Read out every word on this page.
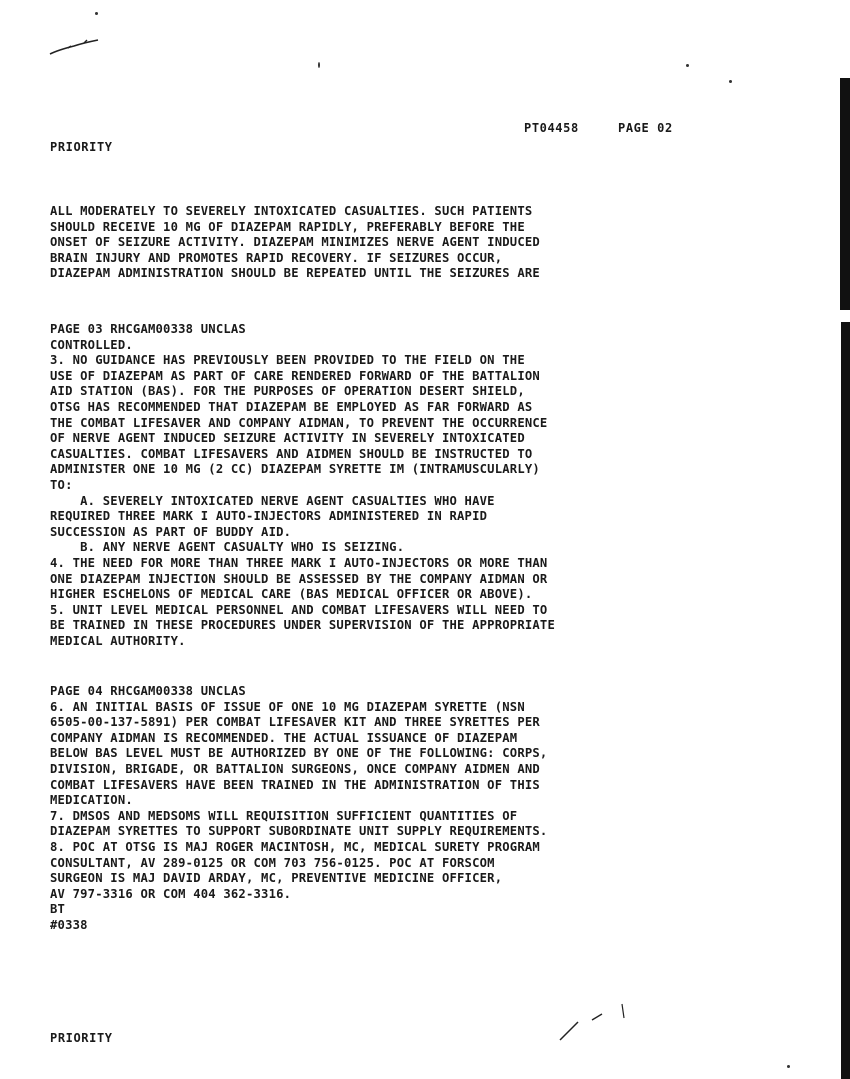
PT04458	PAGE 02
PRIORITY
ALL MODERATELY TO SEVERELY INTOXICATED CASUALTIES. SUCH PATIENTS
SHOULD RECEIVE 10 MG OF DIAZEPAM RAPIDLY, PREFERABLY BEFORE THE
ONSET OF SEIZURE ACTIVITY. DIAZEPAM MINIMIZES NERVE AGENT INDUCED
BRAIN INJURY AND PROMOTES RAPID RECOVERY. IF SEIZURES OCCUR,
DIAZEPAM ADMINISTRATION SHOULD BE REPEATED UNTIL THE SEIZURES ARE
PAGE 03 RHCGAM00338 UNCLAS
CONTROLLED.
3. NO GUIDANCE HAS PREVIOUSLY BEEN PROVIDED TO THE FIELD ON THE
USE OF DIAZEPAM AS PART OF CARE RENDERED FORWARD OF THE BATTALION
AID STATION (BAS). FOR THE PURPOSES OF OPERATION DESERT SHIELD,
OTSG HAS RECOMMENDED THAT DIAZEPAM BE EMPLOYED AS FAR FORWARD AS
THE COMBAT LIFESAVER AND COMPANY AIDMAN, TO PREVENT THE OCCURRENCE
OF NERVE AGENT INDUCED SEIZURE ACTIVITY IN SEVERELY INTOXICATED
CASUALTIES. COMBAT LIFESAVERS AND AIDMEN SHOULD BE INSTRUCTED TO
ADMINISTER ONE 10 MG (2 CC) DIAZEPAM SYRETTE IM (INTRAMUSCULARLY)
TO:
A. SEVERELY INTOXICATED NERVE AGENT CASUALTIES WHO HAVE
REQUIRED THREE MARK I AUTO-INJECTORS ADMINISTERED IN RAPID
SUCCESSION AS PART OF BUDDY AID.
B. ANY NERVE AGENT CASUALTY WHO IS SEIZING.
4. THE NEED FOR MORE THAN THREE MARK I AUTO-INJECTORS OR MORE THAN
ONE DIAZEPAM INJECTION SHOULD BE ASSESSED BY THE COMPANY AIDMAN OR
HIGHER ESCHELONS OF MEDICAL CARE (BAS MEDICAL OFFICER OR ABOVE).
5. UNIT LEVEL MEDICAL PERSONNEL AND COMBAT LIFESAVERS WILL NEED TO
BE TRAINED IN THESE PROCEDURES UNDER SUPERVISION OF THE APPROPRIATE
MEDICAL AUTHORITY.
PAGE 04 RHCGAM00338 UNCLAS
6. AN INITIAL BASIS OF ISSUE OF ONE 10 MG DIAZEPAM SYRETTE (NSN
6505-00-137-5891) PER COMBAT LIFESAVER KIT AND THREE SYRETTES PER
COMPANY AIDMAN IS RECOMMENDED. THE ACTUAL ISSUANCE OF DIAZEPAM
BELOW BAS LEVEL MUST BE AUTHORIZED BY ONE OF THE FOLLOWING: CORPS,
DIVISION, BRIGADE, OR BATTALION SURGEONS, ONCE COMPANY AIDMEN AND
COMBAT LIFESAVERS HAVE BEEN TRAINED IN THE ADMINISTRATION OF THIS
MEDICATION.
7. DMSOS AND MEDSOMS WILL REQUISITION SUFFICIENT QUANTITIES OF
DIAZEPAM SYRETTES TO SUPPORT SUBORDINATE UNIT SUPPLY REQUIREMENTS.
8. POC AT OTSG IS MAJ ROGER MACINTOSH, MC, MEDICAL SURETY PROGRAM
CONSULTANT, AV 289-0125 OR COM 703 756-0125. POC AT FORSCOM
SURGEON IS MAJ DAVID ARDAY, MC, PREVENTIVE MEDICINE OFFICER,
AV 797-3316 OR COM 404 362-3316.
BT
#0338
PRIORITY
